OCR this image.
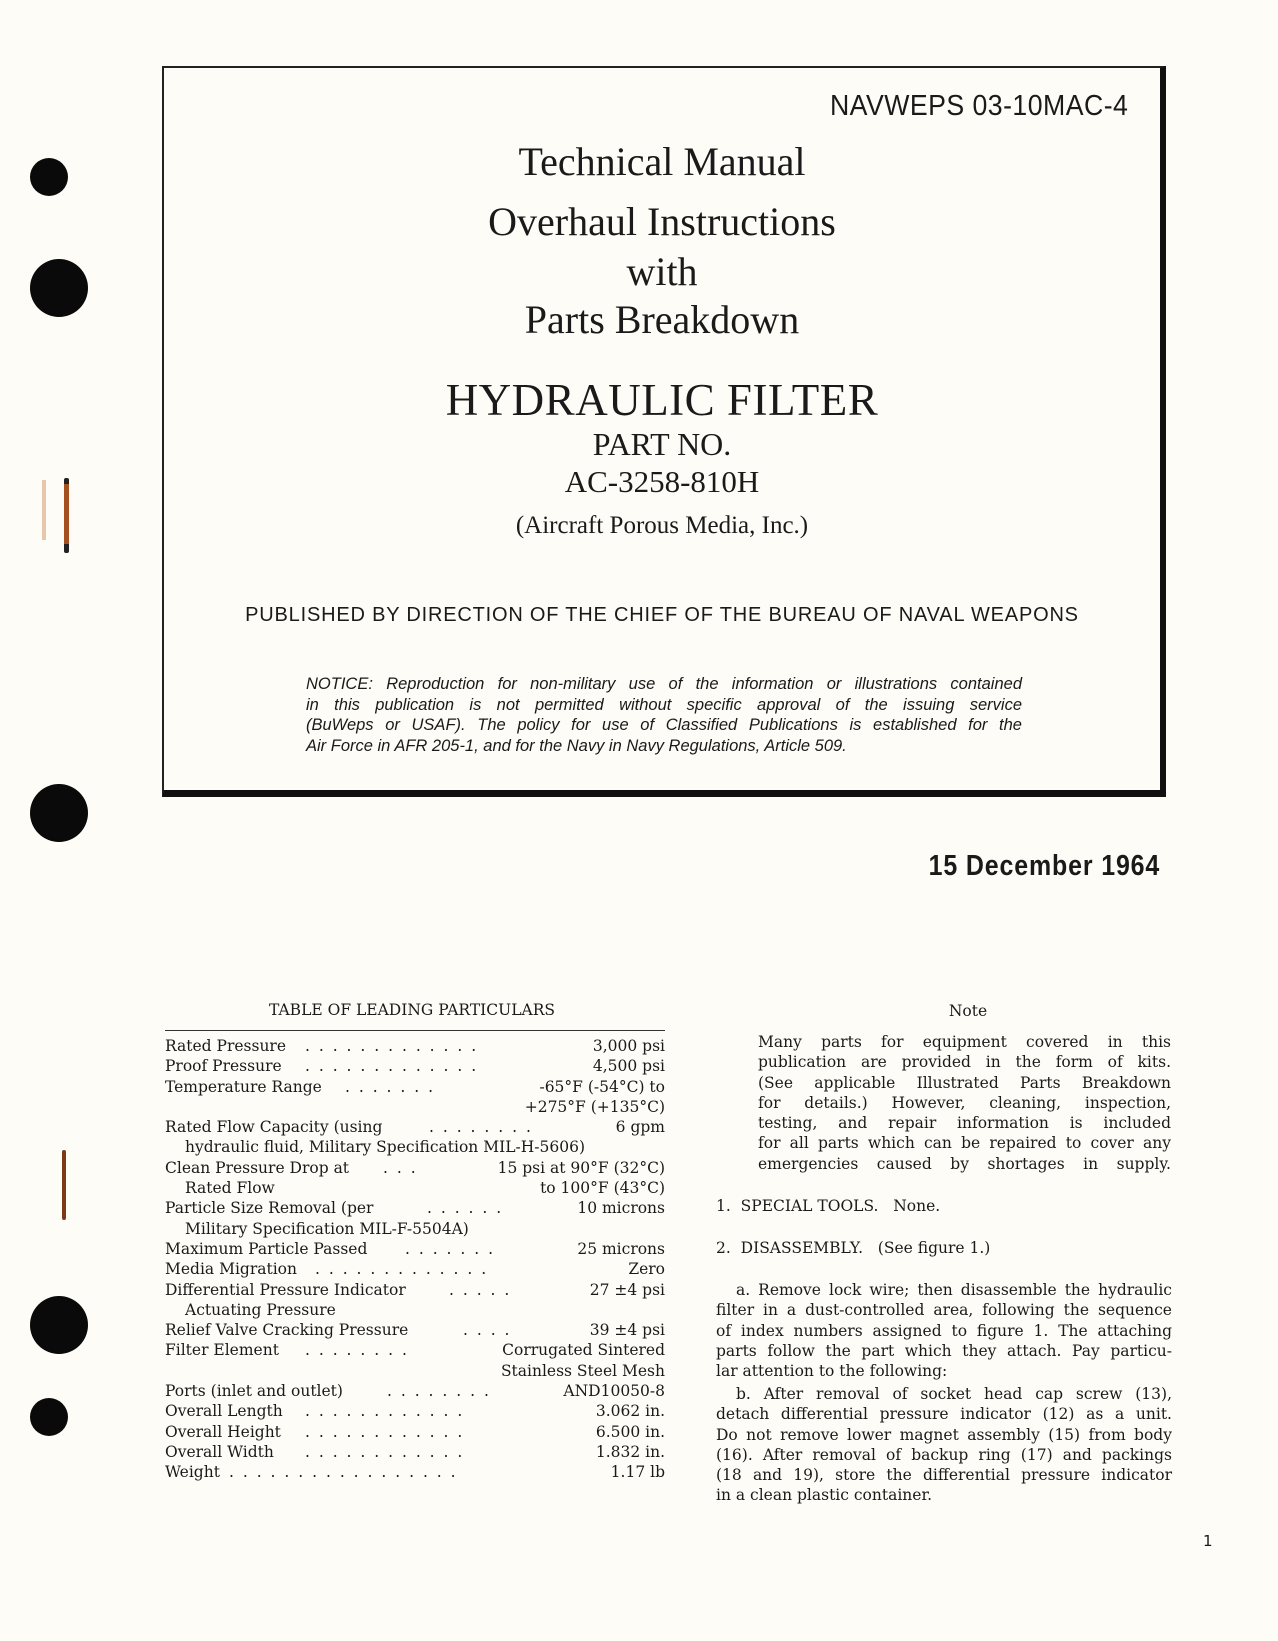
NAVWEPS 03-10MAC-4
Technical Manual
Overhaul Instructions
with
Parts Breakdown
HYDRAULIC FILTER
PART NO.
AC-3258-810H
(Aircraft Porous Media, Inc.)
PUBLISHED BY DIRECTION OF THE CHIEF OF THE BUREAU OF NAVAL WEAPONS
NOTICE: Reproduction for non-military use of the information or illustrations contained
in this publication is not permitted without specific approval of the issuing service
(BuWeps or USAF). The policy for use of Classified Publications is established for the
Air Force in AFR 205-1, and for the Navy in Navy Regulations, Article 509.
15 December 1964
TABLE OF LEADING PARTICULARS
Rated Pressure . . . . . . . . . . . . .	3,000 psi
Proof Pressure . . . . . . . . . . . . .	4,500 psi
Temperature Range . . . . . . .	-65°F (-54°C) to
+275°F (+135°C)
Rated Flow Capacity (using	. . . . . . . .	6 gpm
hydraulic fluid, Military Specification MIL-H-5606)
Clean Pressure Drop at . . .	15 psi at 90°F (32°C)
Rated Flow	to 100°F (43°C)
Particle Size Removal (per	. . . . . .	10 microns
Military Specification MIL-F-5504A)
Maximum Particle Passed . . . . . . .	25 microns
Media Migration . . . . . . . . . . . . .	Zero
Differential Pressure Indicator	. . . . .	27 ±4 psi
Actuating Pressure
Relief Valve Cracking Pressure	. . . .	39 ±4 psi
Filter Element . . . . . . . .	Corrugated Sintered
Stainless Steel Mesh
Ports (inlet and outlet)	. . . . . . . .	AND10050-8
Overall Length . . . . . . . . . . . .	3.062 in.
Overall Height . . . . . . . . . . . .	6.500 in.
Overall Width . . . . . . . . . . . .	1.832 in.
Weight . . . . . . . . . . . . . . . . .	1.17 lb
Note
Many parts for equipment covered in this
publication are provided in the form of kits.
(See applicable Illustrated Parts Breakdown
for details.) However, cleaning, inspection,
testing, and repair information is included
for all parts which can be repaired to cover any
emergencies caused by shortages in supply.
1.  SPECIAL TOOLS.   None.
2.  DISASSEMBLY.   (See figure 1.)
a. Remove lock wire; then disassemble the hydraulic
filter in a dust-controlled area, following the sequence
of index numbers assigned to figure 1. The attaching
parts follow the part which they attach. Pay particu-
lar attention to the following:
b. After removal of socket head cap screw (13),
detach differential pressure indicator (12) as a unit.
Do not remove lower magnet assembly (15) from body
(16). After removal of backup ring (17) and packings
(18 and 19), store the differential pressure indicator
in a clean plastic container.
1
